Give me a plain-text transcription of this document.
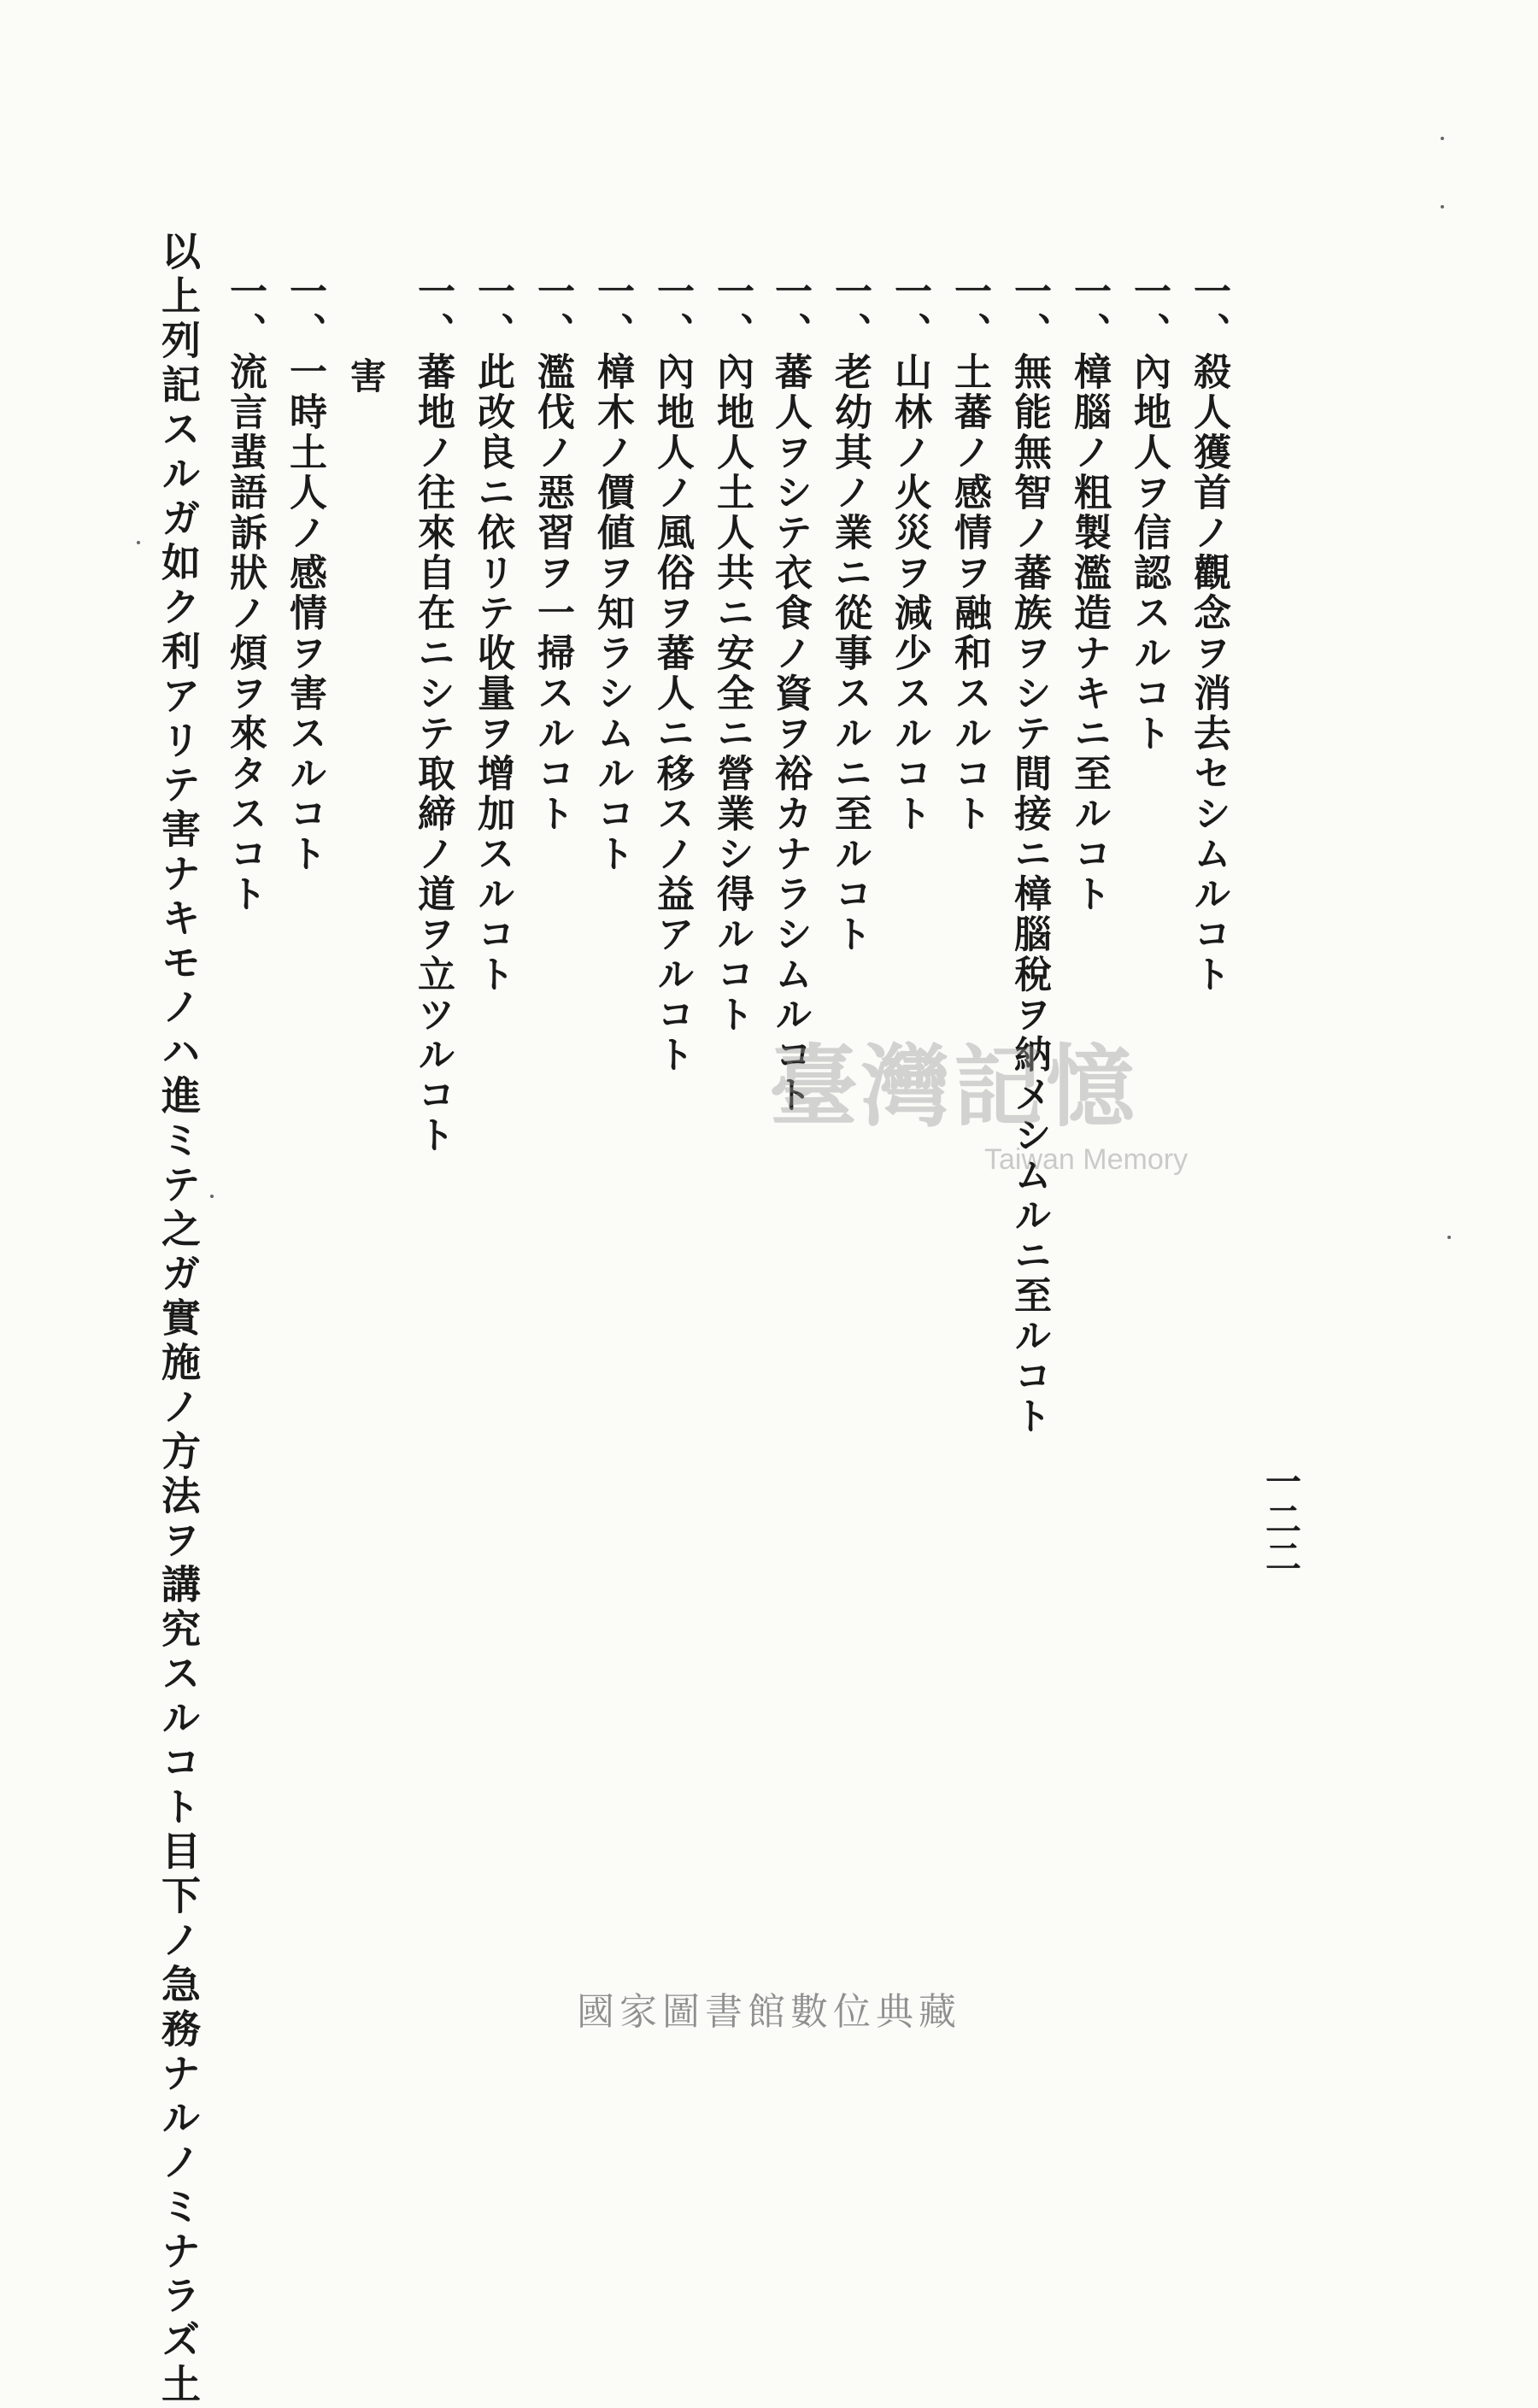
一二二
一、殺人獲首ノ觀念ヲ消去セシムルコト
一、內地人ヲ信認スルコト
一、樟腦ノ粗製濫造ナキニ至ルコト
一、無能無智ノ蕃族ヲシテ間接ニ樟腦稅ヲ納メシムルニ至ルコト
一、土蕃ノ感情ヲ融和スルコト
一、山林ノ火災ヲ減少スルコト
一、老幼其ノ業ニ從事スルニ至ルコト
一、蕃人ヲシテ衣食ノ資ヲ裕カナラシムルコト
一、內地人土人共ニ安全ニ營業シ得ルコト
一、內地人ノ風俗ヲ蕃人ニ移スノ益アルコト
一、樟木ノ價値ヲ知ラシムルコト
一、濫伐ノ惡習ヲ一掃スルコト
一、此改良ニ依リテ收量ヲ增加スルコト
一、蕃地ノ往來自在ニシテ取締ノ道ヲ立ツルコト
害
一、一時土人ノ感情ヲ害スルコト
一、流言蜚語訴狀ノ煩ヲ來タスコト
以上列記スルガ如ク利アリテ害ナキモノハ進ミテ之ガ實施ノ方法ヲ講究スルコト目下ノ急務ナルノミナラズ土	臺灣記憶
Taiwan Memory
國家圖書館數位典藏
